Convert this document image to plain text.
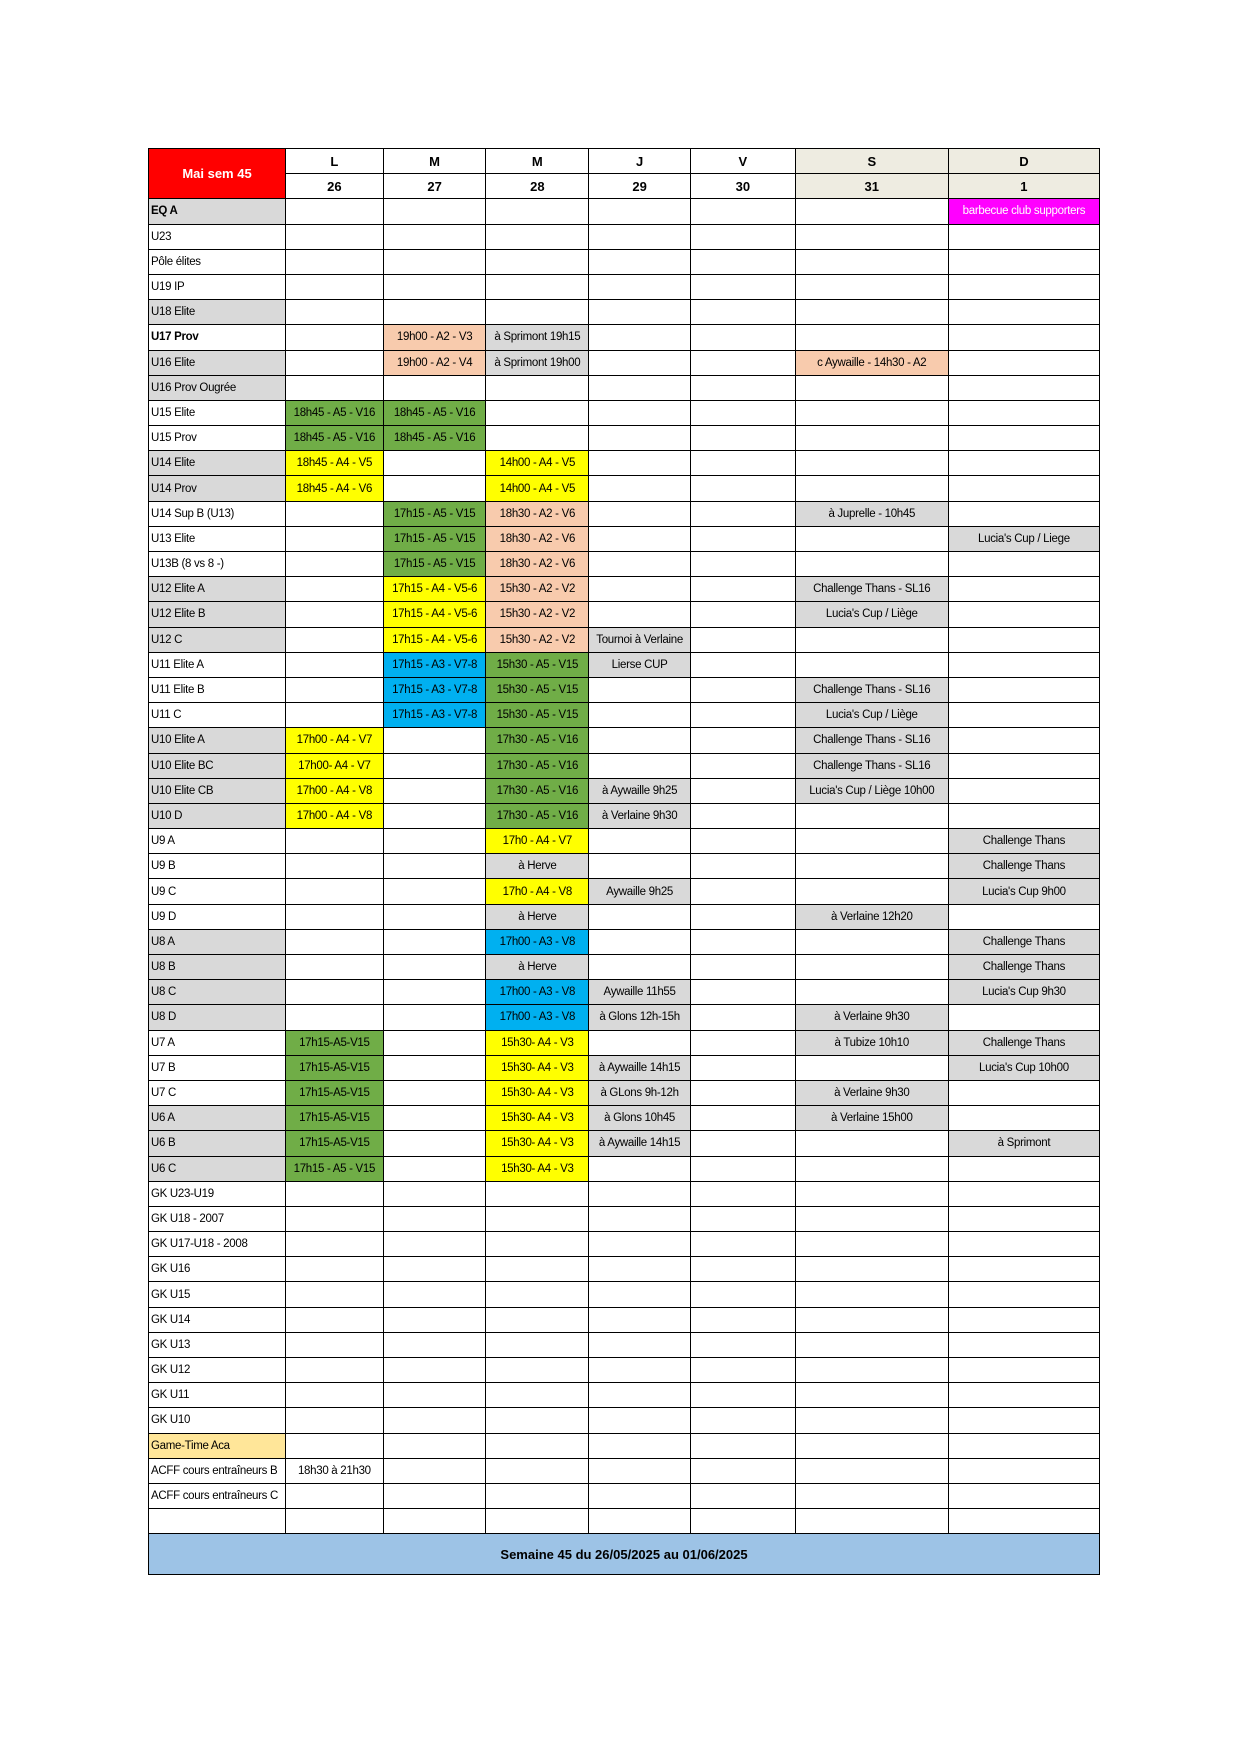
Mai sem 45	L	M	M	J	V	S	D
	26	27	28	29	30	31	1
EQ A							barbecue club supporters
U23							
Pôle élites							
U19 IP							
U18 Elite							
U17 Prov		19h00 - A2 - V3	à Sprimont 19h15				
U16 Elite		19h00 - A2 - V4	à Sprimont 19h00			c Aywaille - 14h30 - A2	
U16 Prov Ougrée							
U15 Elite	18h45 - A5 - V16	18h45 - A5 - V16					
U15 Prov	18h45 - A5 - V16	18h45 - A5 - V16					
U14 Elite	18h45 - A4 - V5		14h00 - A4 - V5				
U14 Prov	18h45 - A4 - V6		14h00 - A4 - V5				
U14 Sup B (U13)		17h15 - A5 - V15	18h30 - A2 - V6			à Juprelle - 10h45	
U13 Elite		17h15 - A5 - V15	18h30 - A2 - V6				Lucia's Cup / Liege
U13B (8 vs 8 -)		17h15 - A5 - V15	18h30 - A2 - V6				
U12 Elite A		17h15 - A4 - V5-6	15h30 - A2 - V2			Challenge Thans - SL16	
U12 Elite B		17h15 - A4 - V5-6	15h30 - A2 - V2			Lucia's Cup / Liège	
U12 C		17h15 - A4 - V5-6	15h30 - A2 - V2	Tournoi à Verlaine			
U11 Elite A		17h15 - A3 - V7-8	15h30 - A5 - V15	Lierse CUP			
U11 Elite B		17h15 - A3 - V7-8	15h30 - A5 - V15			Challenge Thans - SL16	
U11 C		17h15 - A3 - V7-8	15h30 - A5 - V15			Lucia's Cup / Liège	
U10 Elite A	17h00 - A4 - V7		17h30 - A5 - V16			Challenge Thans - SL16	
U10 Elite BC	17h00- A4 - V7		17h30 - A5 - V16			Challenge Thans - SL16	
U10 Elite CB	17h00 - A4 - V8		17h30 - A5 - V16	à Aywaille 9h25		Lucia's Cup / Liège 10h00	
U10 D	17h00 - A4 - V8		17h30 - A5 - V16	à Verlaine 9h30			
U9 A			17h0 - A4 - V7				Challenge Thans
U9 B			à Herve				Challenge Thans
U9 C			17h0 - A4 - V8	Aywaille 9h25			Lucia's Cup 9h00
U9 D			à Herve			à Verlaine 12h20	
U8 A			17h00 - A3 - V8				Challenge Thans
U8 B			à Herve				Challenge Thans
U8 C			17h00 - A3 - V8	Aywaille 11h55			Lucia's Cup 9h30
U8 D			17h00 - A3 - V8	à Glons 12h-15h		à Verlaine 9h30	
U7 A	17h15-A5-V15		15h30- A4 - V3			à Tubize 10h10	Challenge Thans
U7 B	17h15-A5-V15		15h30- A4 - V3	à Aywaille 14h15			Lucia's Cup 10h00
U7 C	17h15-A5-V15		15h30- A4 - V3	à GLons 9h-12h		à Verlaine 9h30	
U6 A	17h15-A5-V15		15h30- A4 - V3	à Glons 10h45		à Verlaine 15h00	
U6 B	17h15-A5-V15		15h30- A4 - V3	à Aywaille 14h15			à Sprimont
U6 C	17h15 - A5 - V15		15h30- A4 - V3				
GK U23-U19							
GK U18 - 2007							
GK U17-U18 - 2008							
GK U16							
GK U15							
GK U14							
GK U13							
GK U12							
GK U11							
GK U10							
Game-Time Aca							
ACFF cours entraîneurs B	18h30 à 21h30						
ACFF cours entraîneurs C							

Semaine 45 du 26/05/2025 au 01/06/2025							
